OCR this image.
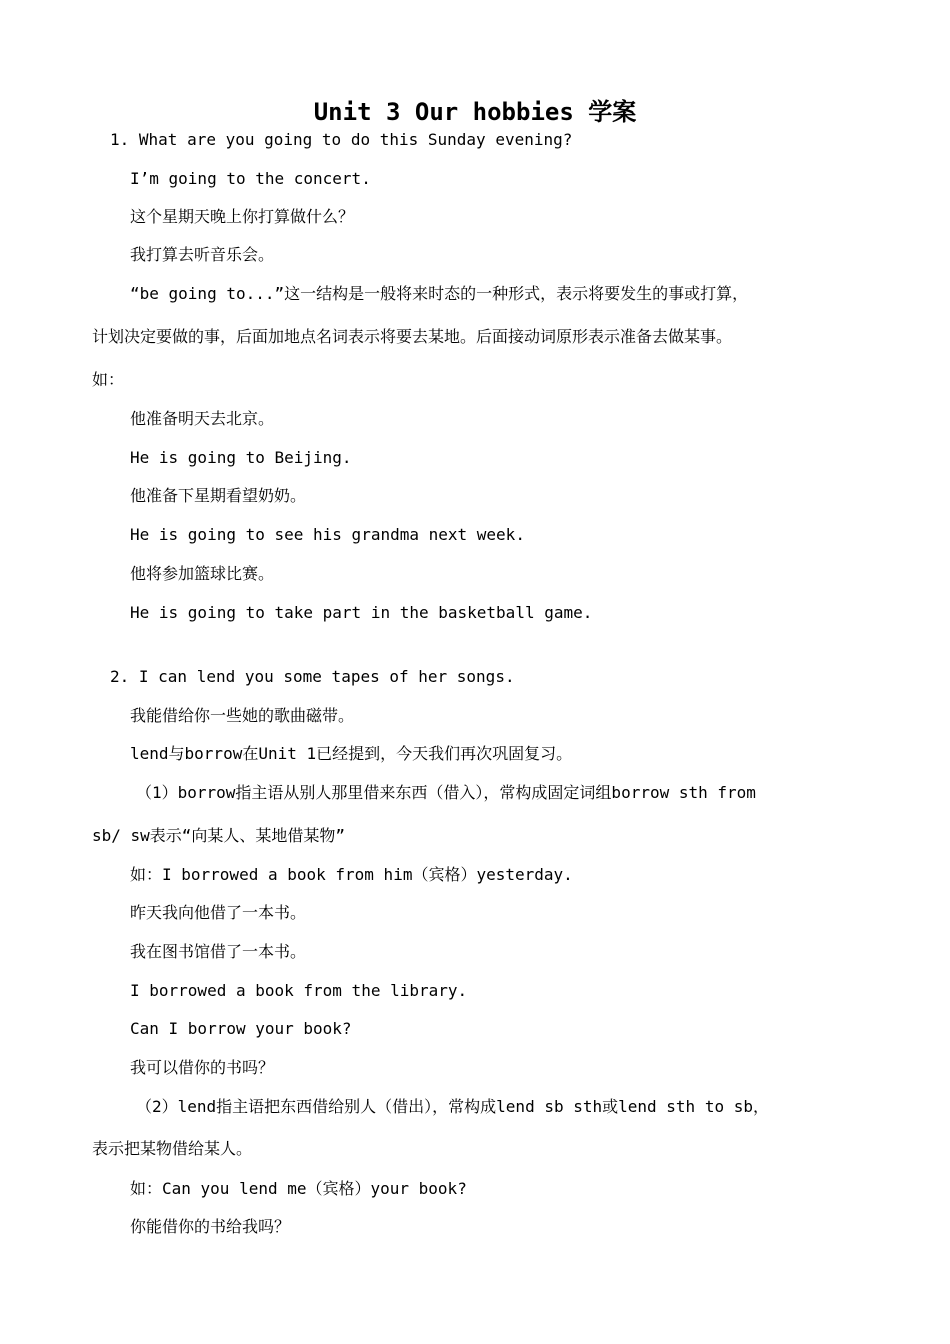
Unit 3 Our hobbies 学案
1. What are you going to do this Sunday evening?
I’m going to the concert.
这个星期天晚上你打算做什么？
我打算去听音乐会。
“be going to...”这一结构是一般将来时态的一种形式，表示将要发生的事或打算，
计划决定要做的事，后面加地点名词表示将要去某地。后面接动词原形表示准备去做某事。
如：
他准备明天去北京。
He is going to Beijing.
他准备下星期看望奶奶。
He is going to see his grandma next week.
他将参加篮球比赛。
He is going to take part in the basketball game.
2. I can lend you some tapes of her songs.
我能借给你一些她的歌曲磁带。
lend与borrow在Unit 1已经提到，今天我们再次巩固复习。
（1）borrow指主语从别人那里借来东西（借入），常构成固定词组borrow sth from
sb/ sw表示“向某人、某地借某物”
如：I borrowed a book from him（宾格）yesterday.
昨天我向他借了一本书。
我在图书馆借了一本书。
I borrowed a book from the library.
Can I borrow your book?
我可以借你的书吗？
（2）lend指主语把东西借给别人（借出），常构成lend sb sth或lend sth to sb，
表示把某物借给某人。
如：Can you lend me（宾格）your book?
你能借你的书给我吗？
